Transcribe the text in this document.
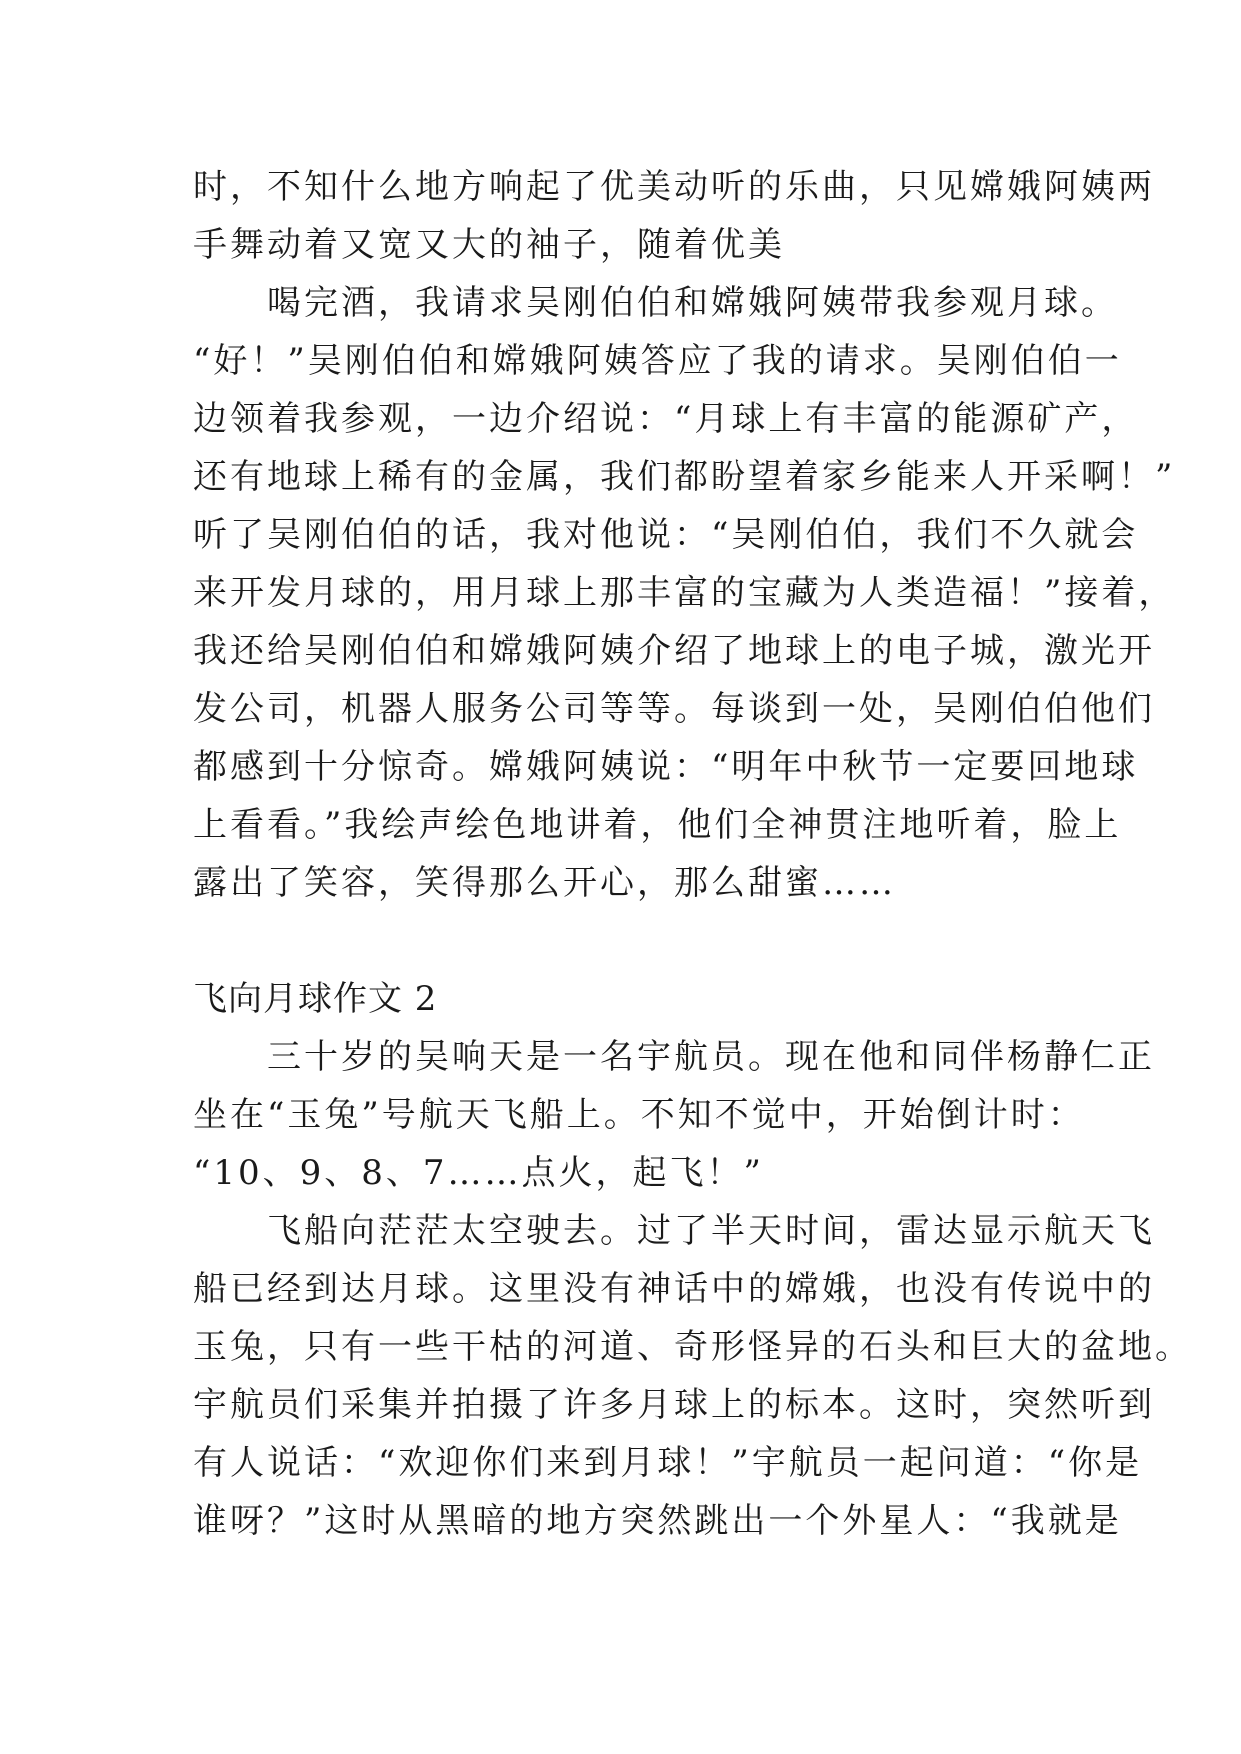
时，不知什么地方响起了优美动听的乐曲，只见嫦娥阿姨两
手舞动着又宽又大的袖子，随着优美
　　喝完酒，我请求吴刚伯伯和嫦娥阿姨带我参观月球。
“好！”吴刚伯伯和嫦娥阿姨答应了我的请求。吴刚伯伯一
边领着我参观，一边介绍说：“月球上有丰富的能源矿产，
还有地球上稀有的金属，我们都盼望着家乡能来人开采啊！”
听了吴刚伯伯的话，我对他说：“吴刚伯伯，我们不久就会
来开发月球的，用月球上那丰富的宝藏为人类造福！”接着，
我还给吴刚伯伯和嫦娥阿姨介绍了地球上的电子城，激光开
发公司，机器人服务公司等等。每谈到一处，吴刚伯伯他们
都感到十分惊奇。嫦娥阿姨说：“明年中秋节一定要回地球
上看看。”我绘声绘色地讲着，他们全神贯注地听着，脸上
露出了笑容，笑得那么开心，那么甜蜜……
飞向月球作文 2
　　三十岁的吴响天是一名宇航员。现在他和同伴杨静仁正
坐在“玉兔”号航天飞船上。不知不觉中，开始倒计时：
“10、9、8、7……点火，起飞！”
　　飞船向茫茫太空驶去。过了半天时间，雷达显示航天飞
船已经到达月球。这里没有神话中的嫦娥，也没有传说中的
玉兔，只有一些干枯的河道、奇形怪异的石头和巨大的盆地。
宇航员们采集并拍摄了许多月球上的标本。这时，突然听到
有人说话：“欢迎你们来到月球！”宇航员一起问道：“你是
谁呀？”这时从黑暗的地方突然跳出一个外星人：“我就是
